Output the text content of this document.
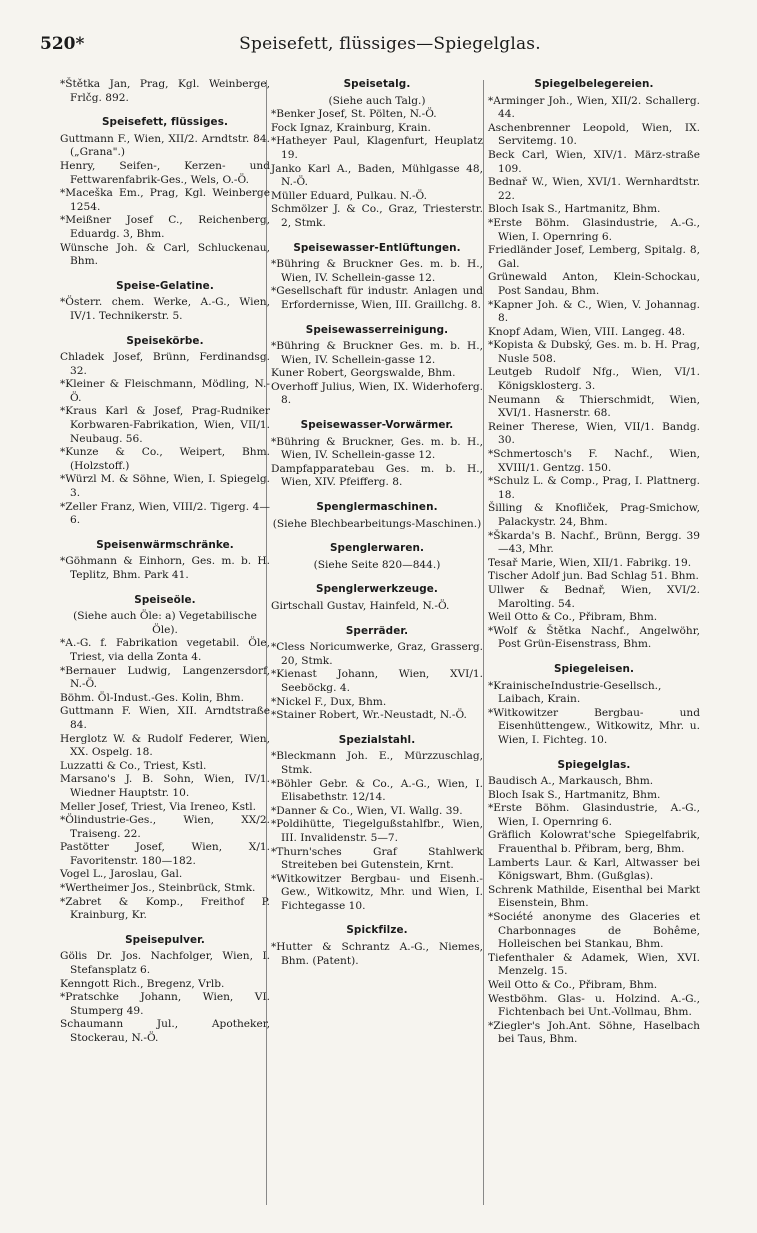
520*	Speisefett, flüssiges—Spiegelglas.
*Štětka Jan, Prag, Kgl. Weinberge, Frlčg. 892.
Speisefett, flüssiges.
Guttmann F., Wien, XII/2. Arndtstr. 84. („Grana".)
Henry, Seifen-, Kerzen- und Fettwarenfabrik-Ges., Wels, O.-Ö.
*Maceška Em., Prag, Kgl. Weinberge 1254.
*Meißner Josef C., Reichenberg, Eduardg. 3, Bhm.
Wünsche Joh. & Carl, Schluckenau, Bhm.
Speise-Gelatine.
*Österr. chem. Werke, A.-G., Wien, IV/1. Technikerstr. 5.
Speisekörbe.
Chladek Josef, Brünn, Ferdinandsg. 32.
*Kleiner & Fleischmann, Mödling, N.-Ö.
*Kraus Karl & Josef, Prag-Rudniker Korbwaren-Fabrikation, Wien, VII/1. Neubaug. 56.
*Kunze & Co., Weipert, Bhm. (Holzstoff.)
*Würzl M. & Söhne, Wien, I. Spiegelg. 3.
*Zeller Franz, Wien, VIII/2. Tigerg. 4—6.
Speisenwärmschränke.
*Göhmann & Einhorn, Ges. m. b. H. Teplitz, Bhm. Park 41.
Speiseöle.
(Siehe auch Öle: a) Vegetabilische Öle).
*A.-G. f. Fabrikation vegetabil. Öle, Triest, via della Zonta 4.
*Bernauer Ludwig, Langenzersdorf, N.-Ö.
Böhm. Öl-Indust.-Ges. Kolin, Bhm.
Guttmann F. Wien, XII. Arndtstraße 84.
Herglotz W. & Rudolf Federer, Wien, XX. Ospelg. 18.
Luzzatti & Co., Triest, Kstl.
Marsano's J. B. Sohn, Wien, IV/1. Wiedner Hauptstr. 10.
Meller Josef, Triest, Via Ireneo, Kstl.
*Ölindustrie-Ges., Wien, XX/2. Traiseng. 22.
Pastötter Josef, Wien, X/1. Favoritenstr. 180—182.
Vogel L., Jaroslau, Gal.
*Wertheimer Jos., Steinbrück, Stmk.
*Zabret & Komp., Freithof P. Krainburg, Kr.
Speisepulver.
Gölis Dr. Jos. Nachfolger, Wien, I. Stefansplatz 6.
Kenngott Rich., Bregenz, Vrlb.
*Pratschke Johann, Wien, VI. Stumperg 49.
Schaumann Jul., Apotheker, Stockerau, N.-Ö.
Speisetalg.
(Siehe auch Talg.)
*Benker Josef, St. Pölten, N.-Ö.
Fock Ignaz, Krainburg, Krain.
*Hatheyer Paul, Klagenfurt, Heuplatz 19.
Janko Karl A., Baden, Mühlgasse 48, N.-Ö.
Müller Eduard, Pulkau. N.-Ö.
Schmölzer J. & Co., Graz, Triesterstr. 2, Stmk.
Speisewasser-Entlüftungen.
*Bühring & Bruckner Ges. m. b. H., Wien, IV. Schellein-gasse 12.
*Gesellschaft für industr. Anlagen und Erfordernisse, Wien, III. Graillchg. 8.
Speisewasserreinigung.
*Bühring & Bruckner Ges. m. b. H., Wien, IV. Schellein-gasse 12.
Kuner Robert, Georgswalde, Bhm.
Overhoff Julius, Wien, IX. Widerhoferg. 8.
Speisewasser-Vorwärmer.
*Bühring & Bruckner, Ges. m. b. H., Wien, IV. Schellein-gasse 12.
Dampfapparatebau Ges. m. b. H., Wien, XIV. Pfeifferg. 8.
Spenglermaschinen.
(Siehe Blechbearbeitungs-Maschinen.)
Spenglerwaren.
(Siehe Seite 820—844.)
Spenglerwerkzeuge.
Girtschall Gustav, Hainfeld, N.-Ö.
Sperräder.
*Cless Noricumwerke, Graz, Grasserg. 20, Stmk.
*Kienast Johann, Wien, XVI/1. Seeböckg. 4.
*Nickel F., Dux, Bhm.
*Stainer Robert, Wr.-Neustadt, N.-Ö.
Spezialstahl.
*Bleckmann Joh. E., Mürzzuschlag, Stmk.
*Böhler Gebr. & Co., A.-G., Wien, I. Elisabethstr. 12/14.
*Danner & Co., Wien, VI. Wallg. 39.
*Poldihütte, Tiegelgußstahlfbr., Wien, III. Invalidenstr. 5—7.
*Thurn'sches Graf Stahlwerk Streiteben bei Gutenstein, Krnt.
*Witkowitzer Bergbau- und Eisenh.-Gew., Witkowitz, Mhr. und Wien, I. Fichtegasse 10.
Spickfilze.
*Hutter & Schrantz A.-G., Niemes, Bhm. (Patent).
Spiegelbelegereien.
*Arminger Joh., Wien, XII/2. Schallerg. 44.
Aschenbrenner Leopold, Wien, IX. Servitemg. 10.
Beck Carl, Wien, XIV/1. März-straße 109.
Bednař W., Wien, XVI/1. Wernhardtstr. 22.
Bloch Isak S., Hartmanitz, Bhm.
*Erste Böhm. Glasindustrie, A.-G., Wien, I. Opernring 6.
Friedländer Josef, Lemberg, Spitalg. 8, Gal.
Grünewald Anton, Klein-Schockau, Post Sandau, Bhm.
*Kapner Joh. & C., Wien, V. Johannag. 8.
Knopf Adam, Wien, VIII. Langeg. 48.
*Kopista & Dubský, Ges. m. b. H. Prag, Nusle 508.
Leutgeb Rudolf Nfg., Wien, VI/1. Königsklosterg. 3.
Neumann & Thierschmidt, Wien, XVI/1. Hasnerstr. 68.
Reiner Therese, Wien, VII/1. Bandg. 30.
*Schmertosch's F. Nachf., Wien, XVIII/1. Gentzg. 150.
*Schulz L. & Comp., Prag, I. Plattnerg. 18.
Šilling & Knofliček, Prag-Smichow, Palackystr. 24, Bhm.
*Škarda's B. Nachf., Brünn, Bergg. 39—43, Mhr.
Tesař Marie, Wien, XII/1. Fabrikg. 19.
Tischer Adolf jun. Bad Schlag 51. Bhm.
Ullwer & Bednař, Wien, XVI/2. Marolting. 54.
Weil Otto & Co., Přibram, Bhm.
*Wolf & Štětka Nachf., Angelwöhr, Post Grün-Eisenstrass, Bhm.
Spiegeleisen.
*KrainischeIndustrie-Gesellsch., Laibach, Krain.
*Witkowitzer Bergbau- und Eisenhüttengew., Witkowitz, Mhr. u. Wien, I. Fichteg. 10.
Spiegelglas.
Baudisch A., Markausch, Bhm.
Bloch Isak S., Hartmanitz, Bhm.
*Erste Böhm. Glasindustrie, A.-G., Wien, I. Opernring 6.
Gräflich Kolowrat'sche Spiegelfabrik, Frauenthal b. Přibram, berg, Bhm.
Lamberts Laur. & Karl, Altwasser bei Königswart, Bhm. (Gußglas).
Schrenk Mathilde, Eisenthal bei Markt Eisenstein, Bhm.
*Société anonyme des Glaceries et Charbonnages de Bohême, Holleischen bei Stankau, Bhm.
Tiefenthaler & Adamek, Wien, XVI. Menzelg. 15.
Weil Otto & Co., Přibram, Bhm.
Westböhm. Glas- u. Holzind. A.-G., Fichtenbach bei Unt.-Vollmau, Bhm.
*Ziegler's Joh.Ant. Söhne, Haselbach bei Taus, Bhm.
